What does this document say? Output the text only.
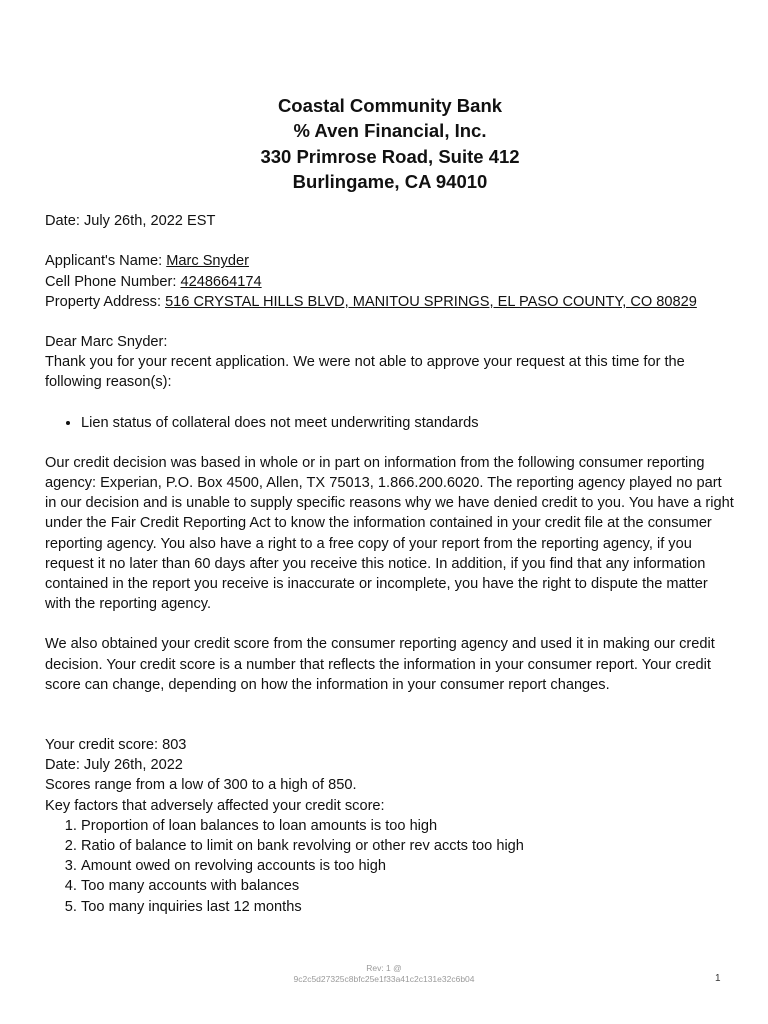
Coastal Community Bank
% Aven Financial, Inc.
330 Primrose Road, Suite 412
Burlingame, CA 94010

Date: July 26th, 2022 EST

Applicant's Name: Marc Snyder

Cell Phone Number: 4248664174

Property Address: 516 CRYSTAL HILLS BLVD, MANITOU SPRINGS, EL PASO COUNTY, CO 80829

Dear Marc Snyder:

Thank you for your recent application. We were not able to approve your request at this time for the following reason(s):

• Lien status of collateral does not meet underwriting standards

Our credit decision was based in whole or in part on information from the following consumer reporting agency: Experian, P.O. Box 4500, Allen, TX 75013, 1.866.200.6020. The reporting agency played no part in our decision and is unable to supply specific reasons why we have denied credit to you. You have a right under the Fair Credit Reporting Act to know the information contained in your credit file at the consumer reporting agency. You also have a right to a free copy of your report from the reporting agency, if you request it no later than 60 days after you receive this notice. In addition, if you find that any information contained in the report you receive is inaccurate or incomplete, you have the right to dispute the matter with the reporting agency.

We also obtained your credit score from the consumer reporting agency and used it in making our credit decision. Your credit score is a number that reflects the information in your consumer report. Your credit score can change, depending on how the information in your consumer report changes.

Your credit score: 803

Date: July 26th, 2022

Scores range from a low of 300 to a high of 850.

Key factors that adversely affected your credit score:

1. Proportion of loan balances to loan amounts is too high
2. Ratio of balance to limit on bank revolving or other rev accts too high
3. Amount owed on revolving accounts is too high
4. Too many accounts with balances
5. Too many inquiries last 12 months
Rev: 1 @
9c2c5d27325c8bfc25e1f33a41c2c131e32c6b04	1
